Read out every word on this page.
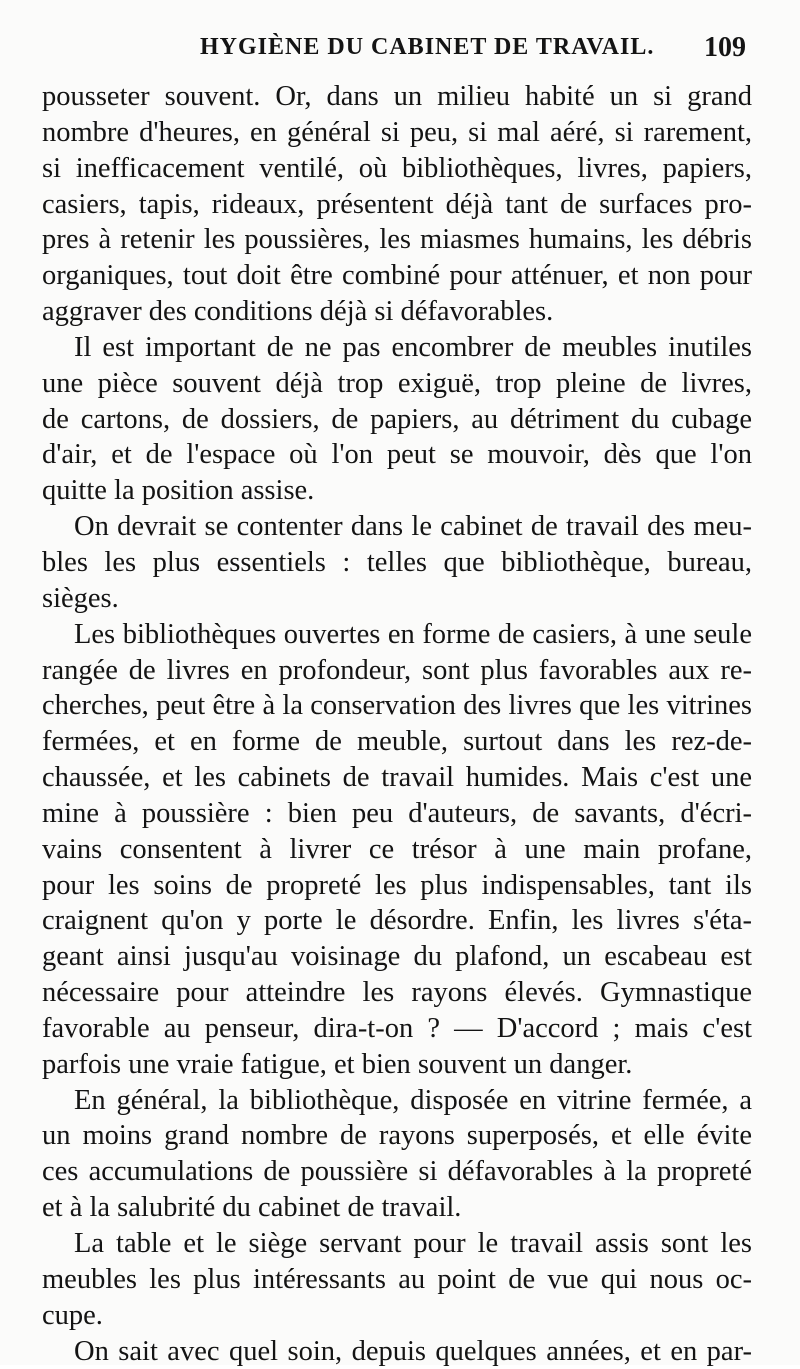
HYGIÈNE DU CABINET DE TRAVAIL. 109
pousseter souvent. Or, dans un milieu habité un si grand
nombre d'heures, en général si peu, si mal aéré, si rarement,
si inefficacement ventilé, où bibliothèques, livres, papiers,
casiers, tapis, rideaux, présentent déjà tant de surfaces pro-
pres à retenir les poussières, les miasmes humains, les débris
organiques, tout doit être combiné pour atténuer, et non pour
aggraver des conditions déjà si défavorables.
Il est important de ne pas encombrer de meubles inutiles
une pièce souvent déjà trop exiguë, trop pleine de livres,
de cartons, de dossiers, de papiers, au détriment du cubage
d'air, et de l'espace où l'on peut se mouvoir, dès que l'on
quitte la position assise.
On devrait se contenter dans le cabinet de travail des meu-
bles les plus essentiels : telles que bibliothèque, bureau,
sièges.
Les bibliothèques ouvertes en forme de casiers, à une seule
rangée de livres en profondeur, sont plus favorables aux re-
cherches, peut être à la conservation des livres que les vitrines
fermées, et en forme de meuble, surtout dans les rez-de-
chaussée, et les cabinets de travail humides. Mais c'est une
mine à poussière : bien peu d'auteurs, de savants, d'écri-
vains consentent à livrer ce trésor à une main profane,
pour les soins de propreté les plus indispensables, tant ils
craignent qu'on y porte le désordre. Enfin, les livres s'éta-
geant ainsi jusqu'au voisinage du plafond, un escabeau est
nécessaire pour atteindre les rayons élevés. Gymnastique
favorable au penseur, dira-t-on ? — D'accord ; mais c'est
parfois une vraie fatigue, et bien souvent un danger.
En général, la bibliothèque, disposée en vitrine fermée, a
un moins grand nombre de rayons superposés, et elle évite
ces accumulations de poussière si défavorables à la propreté
et à la salubrité du cabinet de travail.
La table et le siège servant pour le travail assis sont les
meubles les plus intéressants au point de vue qui nous oc-
cupe.
On sait avec quel soin, depuis quelques années, et en par-
